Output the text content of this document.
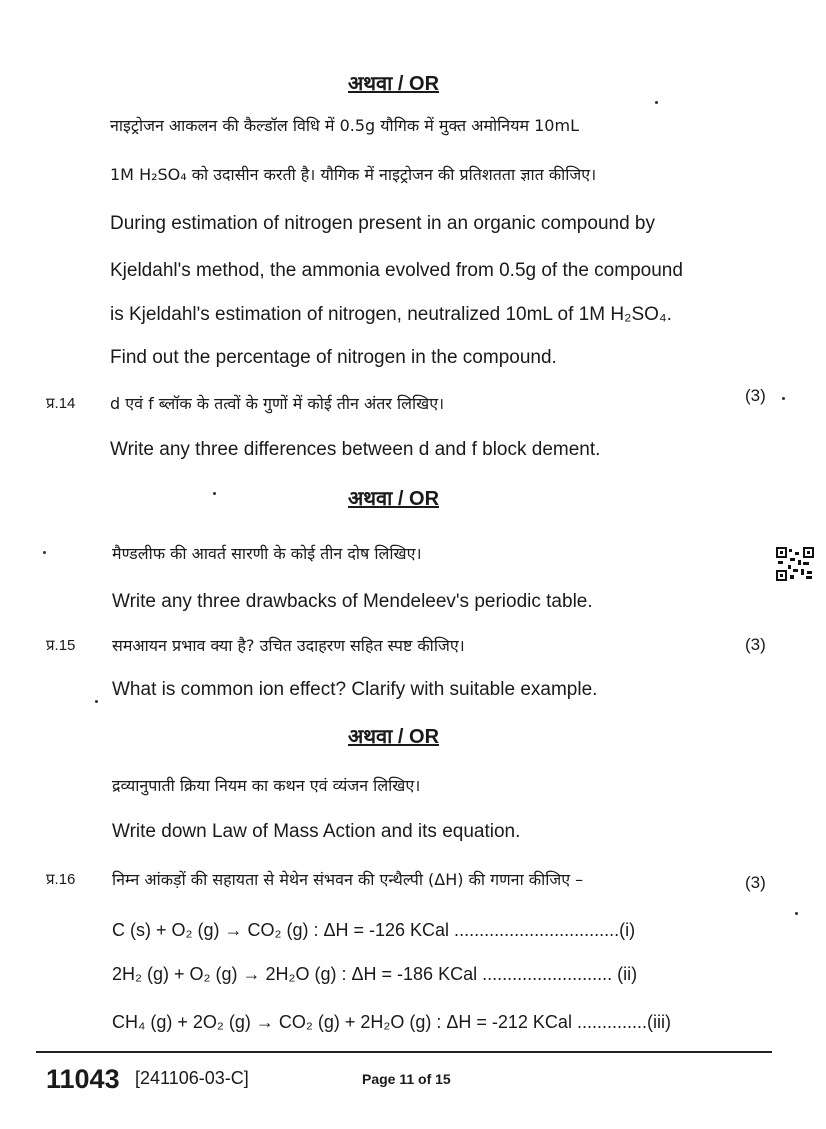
अथवा / OR
नाइट्रोजन आकलन की कैल्डॉल विधि में 0.5g यौगिक में मुक्त अमोनियम 10mL
1M H₂SO₄ को उदासीन करती है। यौगिक में नाइट्रोजन की प्रतिशतता ज्ञात कीजिए।
During estimation of nitrogen present in an organic compound by
Kjeldahl's method, the ammonia evolved from 0.5g of the compound
is Kjeldahl's estimation of nitrogen, neutralized 10mL of 1M H₂SO₄.
Find out the percentage of nitrogen in the compound.
प्र.14 d एवं f ब्लॉक के तत्वों के गुणों में कोई तीन अंतर लिखिए।	(3)
Write any three differences between d and f block dement.
अथवा / OR
मैण्डलीफ की आवर्त सारणी के कोई तीन दोष लिखिए।
Write any three drawbacks of Mendeleev's periodic table.
प्र.15 समआयन प्रभाव क्या है? उचित उदाहरण सहित स्पष्ट कीजिए।	(3)
What is common ion effect? Clarify with suitable example.
अथवा / OR
द्रव्यानुपाती क्रिया नियम का कथन एवं व्यंजन लिखिए।
Write down Law of Mass Action and its equation.
प्र.16 निम्न आंकड़ों की सहायता से मेथेन संभवन की एन्थैल्पी (ΔH) की गणना कीजिए –	(3)
C (s) + O₂ (g) → CO₂ (g) : ΔH = -126 KCal .................................(i)
2H₂ (g) + O₂ (g) → 2H₂O (g) : ΔH = -186 KCal .......................... (ii)
CH₄ (g) + 2O₂ (g) → CO₂ (g) + 2H₂O (g) : ΔH = -212 KCal ..............(iii)
11043 [241106-03-C]	Page 11 of 15
